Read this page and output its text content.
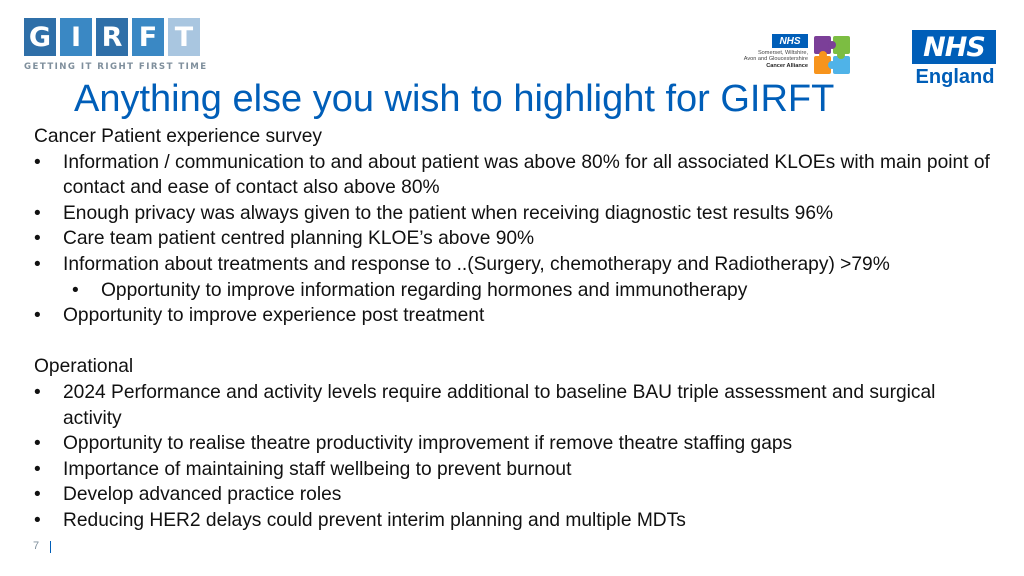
G I R F T
GETTING IT RIGHT FIRST TIME
NHS
Somerset, Wiltshire,
Avon and Gloucestershire
Cancer Alliance
NHS
England
Anything else you wish to highlight for GIRFT

Cancer Patient experience survey

• Information / communication to and about patient was above 80% for all associated KLOEs with main point of contact and ease of contact also above 80%
• Enough privacy was always given to the patient when receiving diagnostic test results 96%
• Care team patient centred planning KLOE’s above 90%
• Information about treatments and response to ..(Surgery, chemotherapy and Radiotherapy) >79%
• Opportunity to improve information regarding hormones and immunotherapy
• Opportunity to improve experience post treatment

Operational

• 2024 Performance and activity levels require additional to baseline BAU triple assessment and surgical activity
• Opportunity to realise theatre productivity improvement if remove theatre staffing gaps
• Importance of maintaining staff wellbeing to prevent burnout
• Develop advanced practice roles
• Reducing HER2 delays could prevent interim planning and multiple MDTs
7
